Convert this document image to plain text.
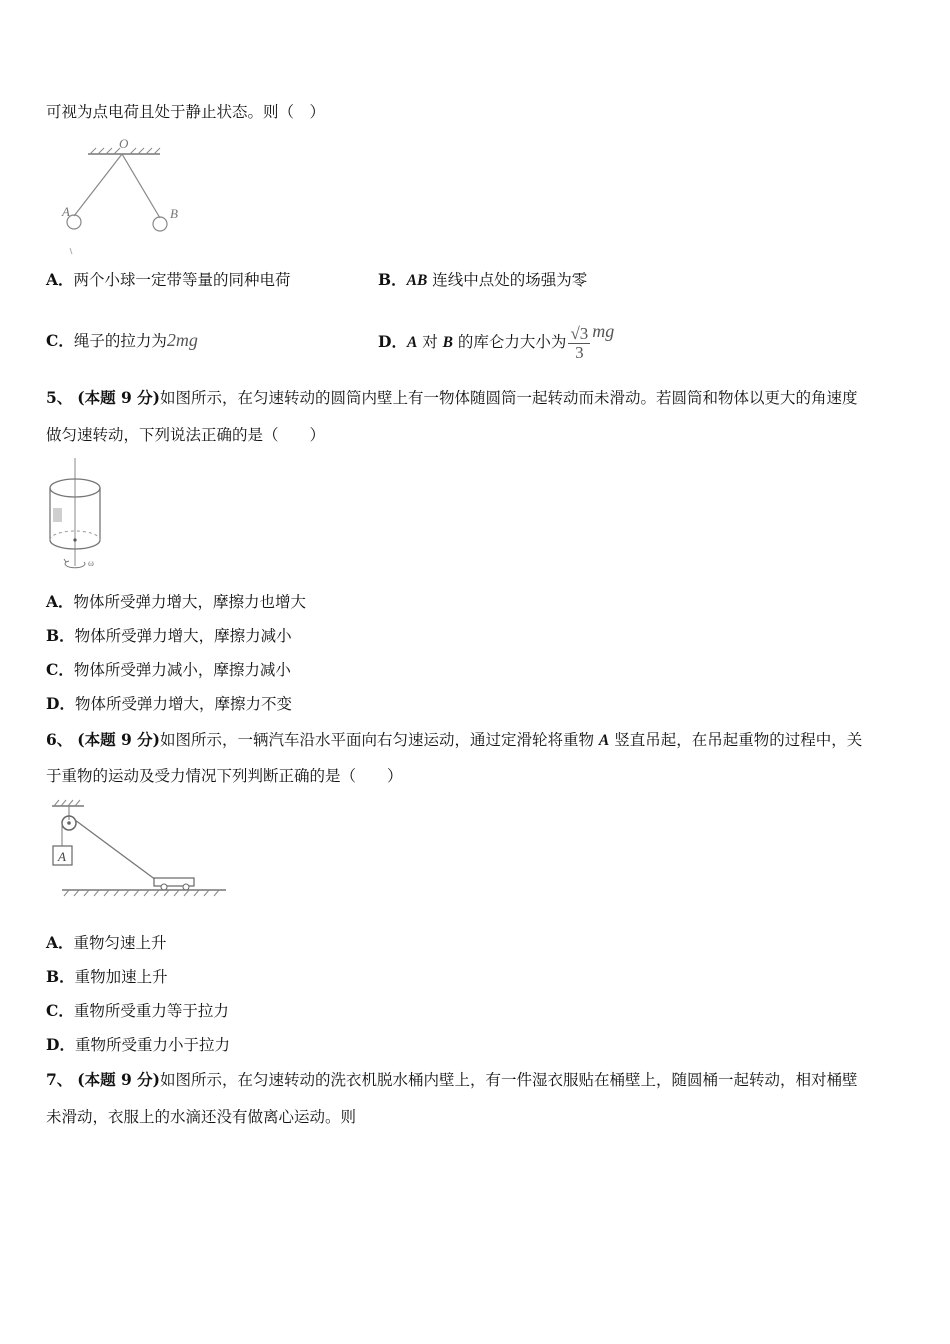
可视为点电荷且处于静止状态。则（　）
O
A	B
A．两个小球一定带等量的同种电荷	B．AB 连线中点处的场强为零
C．绳子的拉力为2mg	D．A 对 B 的库仑力大小为 $\frac{√3}{3}$ mg
5、 (本题 9 分)如图所示，在匀速转动的圆筒内壁上有一物体随圆筒一起转动而未滑动。若圆筒和物体以更大的角速度
做匀速转动，下列说法正确的是（　　）
ω
A．物体所受弹力增大，摩擦力也增大
B．物体所受弹力增大，摩擦力减小
C．物体所受弹力减小，摩擦力减小
D．物体所受弹力增大，摩擦力不变
6、 (本题 9 分)如图所示，一辆汽车沿水平面向右匀速运动，通过定滑轮将重物 A 竖直吊起，在吊起重物的过程中，关
于重物的运动及受力情况下列判断正确的是（　　）
A
A．重物匀速上升
B．重物加速上升
C．重物所受重力等于拉力
D．重物所受重力小于拉力
7、 (本题 9 分)如图所示，在匀速转动的洗衣机脱水桶内壁上，有一件湿衣服贴在桶壁上，随圆桶一起转动，相对桶壁
未滑动，衣服上的水滴还没有做离心运动。则
